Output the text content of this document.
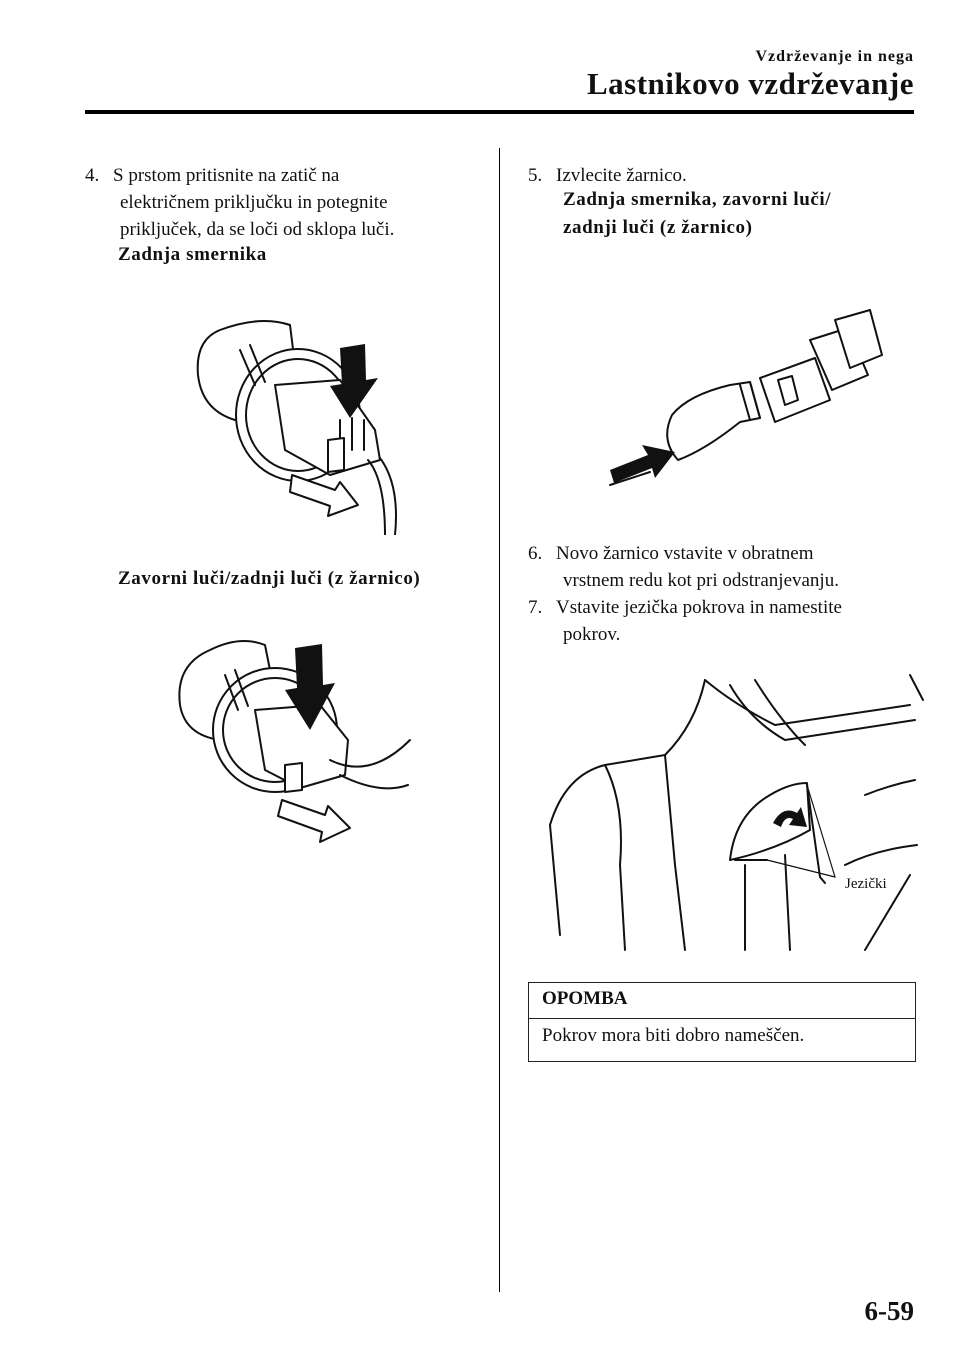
Vzdrževanje in nega
Lastnikovo vzdrževanje
4. S prstom pritisnite na zatič na
električnem priključku in potegnite
priključek, da se loči od sklopa luči.
Zadnja smernika
Zavorni luči/zadnji luči (z žarnico)
5. Izvlecite žarnico.
Zadnja smernika, zavorni luči/
zadnji luči (z žarnico)
6. Novo žarnico vstavite v obratnem
vrstnem redu kot pri odstranjevanju.
7. Vstavite jezička pokrova in namestite
pokrov.
Jezički
OPOMBA
Pokrov mora biti dobro nameščen.
6-59
